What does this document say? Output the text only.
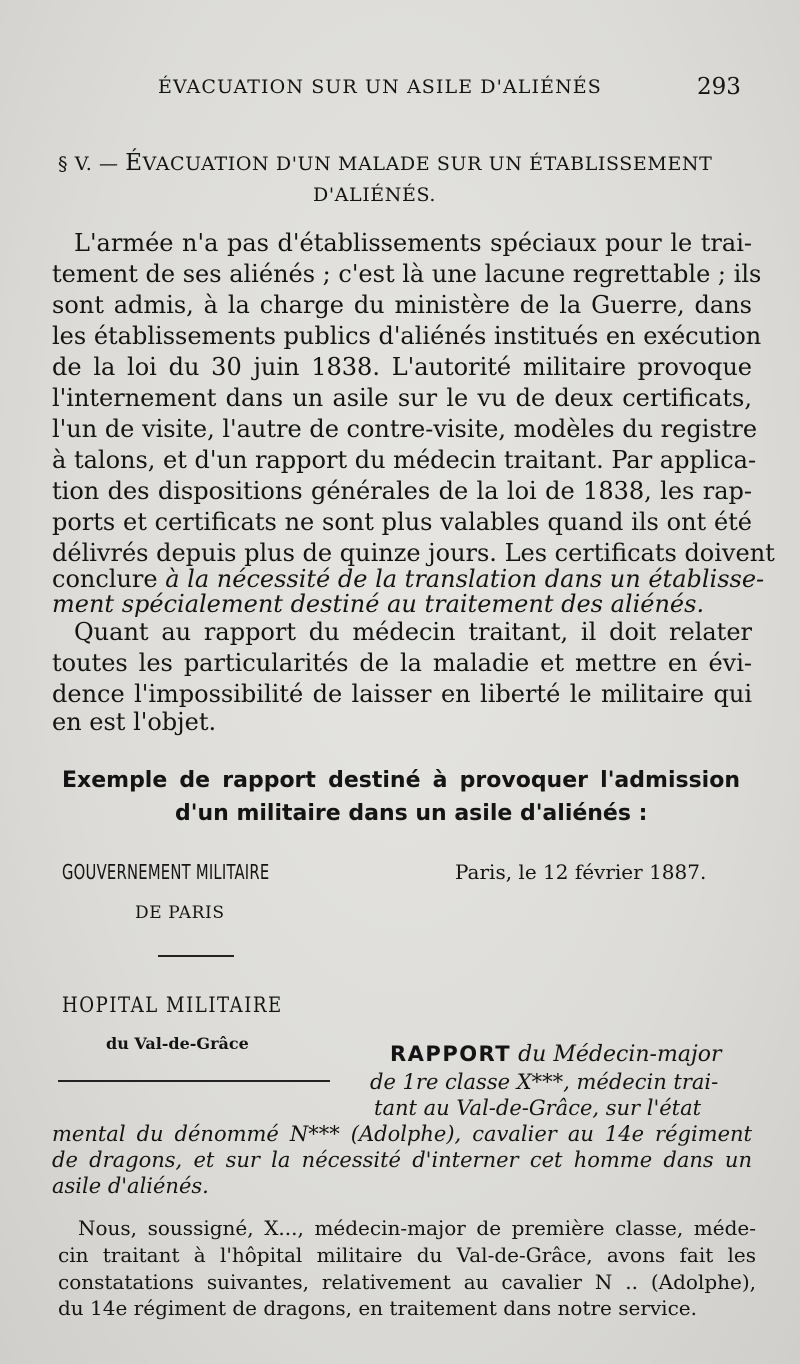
ÉVACUATION SUR UN ASILE D'ALIÉNÉS	293
§ V. — ÉVACUATION D'UN MALADE SUR UN ÉTABLISSEMENT
D'ALIÉNÉS.
L'armée n'a pas d'établissements spéciaux pour le trai-
tement de ses aliénés ; c'est là une lacune regrettable ; ils
sont admis, à la charge du ministère de la Guerre, dans
les établissements publics d'aliénés institués en exécution
de la loi du 30 juin 1838. L'autorité militaire provoque
l'internement dans un asile sur le vu de deux certificats,
l'un de visite, l'autre de contre-visite, modèles du registre
à talons, et d'un rapport du médecin traitant. Par applica-
tion des dispositions générales de la loi de 1838, les rap-
ports et certificats ne sont plus valables quand ils ont été
délivrés depuis plus de quinze jours. Les certificats doivent
conclure à la nécessité de la translation dans un établisse-
ment spécialement destiné au traitement des aliénés.
Quant au rapport du médecin traitant, il doit relater
toutes les particularités de la maladie et mettre en évi-
dence l'impossibilité de laisser en liberté le militaire qui
en est l'objet.
Exemple de rapport destiné à provoquer l'admission
d'un militaire dans un asile d'aliénés :
GOUVERNEMENT MILITAIRE
DE PARIS
Paris, le 12 février 1887.
HOPITAL MILITAIRE
du Val-de-Grâce	RAPPORT du Médecin-major
de 1re classe X***, médecin trai-
tant au Val-de-Grâce, sur l'état
mental du dénommé N*** (Adolphe), cavalier au 14e régiment
de dragons, et sur la nécessité d'interner cet homme dans un
asile d'aliénés.
Nous, soussigné, X..., médecin-major de première classe, méde-
cin traitant à l'hôpital militaire du Val-de-Grâce, avons fait les
constatations suivantes, relativement au cavalier N .. (Adolphe),
du 14e régiment de dragons, en traitement dans notre service.
